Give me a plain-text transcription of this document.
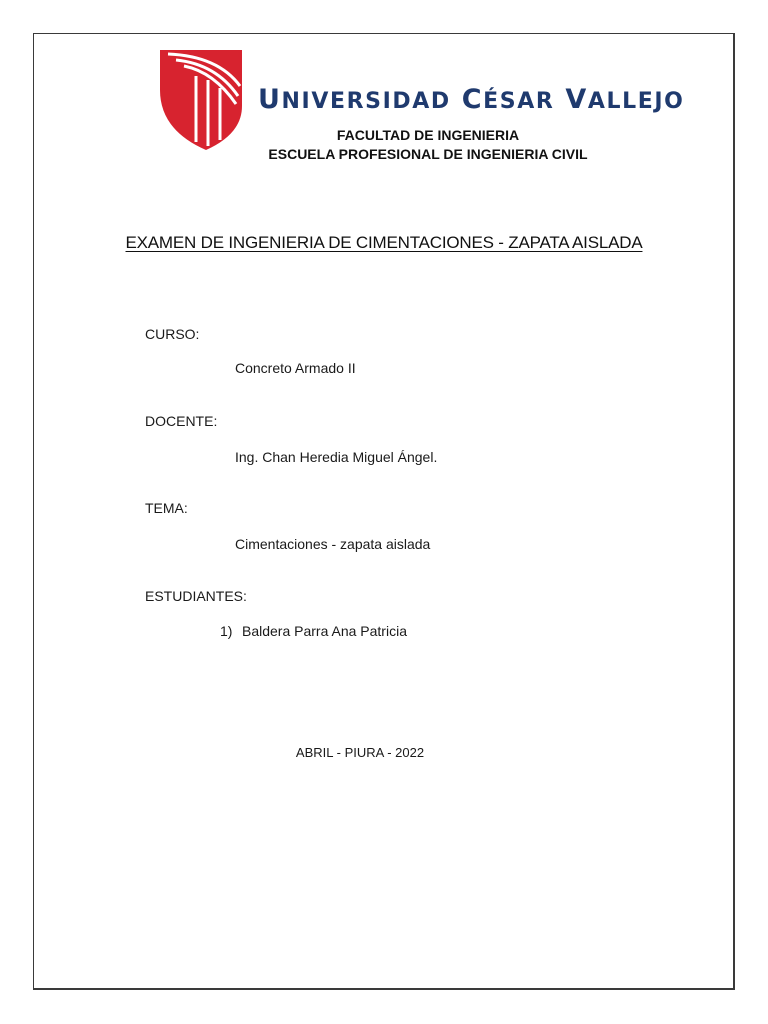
UNIVERSIDAD CÉSAR VALLEJO
FACULTAD DE INGENIERIA
ESCUELA PROFESIONAL DE INGENIERIA CIVIL
EXAMEN DE INGENIERIA DE CIMENTACIONES - ZAPATA AISLADA
CURSO:
Concreto Armado II
DOCENTE:
Ing. Chan Heredia Miguel Ángel.
TEMA:
Cimentaciones - zapata aislada
ESTUDIANTES:
1) Baldera Parra Ana Patricia
ABRIL - PIURA - 2022
